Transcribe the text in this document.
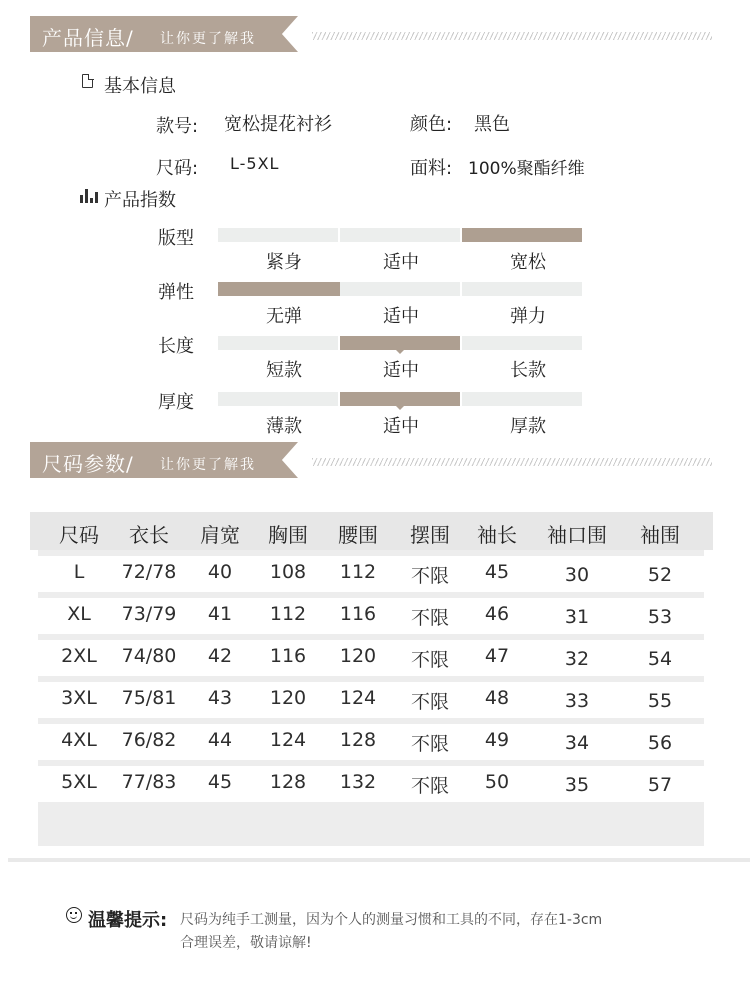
产品信息/ 让你更了解我
基本信息
款号: 宽松提花衬衫	颜色: 黑色
尺码: L-5XL	面料: 100%聚酯纤维
产品指数
版型
紧身	适中	宽松
弹性
无弹	适中	弹力
长度
短款	适中	长款
厚度
薄款	适中	厚款
尺码参数/ 让你更了解我
尺码 衣长 肩宽 胸围 腰围 摆围 袖长 袖口围 袖围
L 72/78 40 108 112 不限 45	30	52
XL 73/79 41 112 116 不限 46	31	53
2XL 74/80 42 116 120 不限 47	32	54
3XL 75/81 43 120 124 不限 48	33	55
4XL 76/82 44 124 128 不限 49	34	56
5XL 77/83 45 128 132 不限 50	35	57
温馨提示: 尺码为纯手工测量，因为个人的测量习惯和工具的不同，存在1-3cm
合理误差，敬请谅解!
